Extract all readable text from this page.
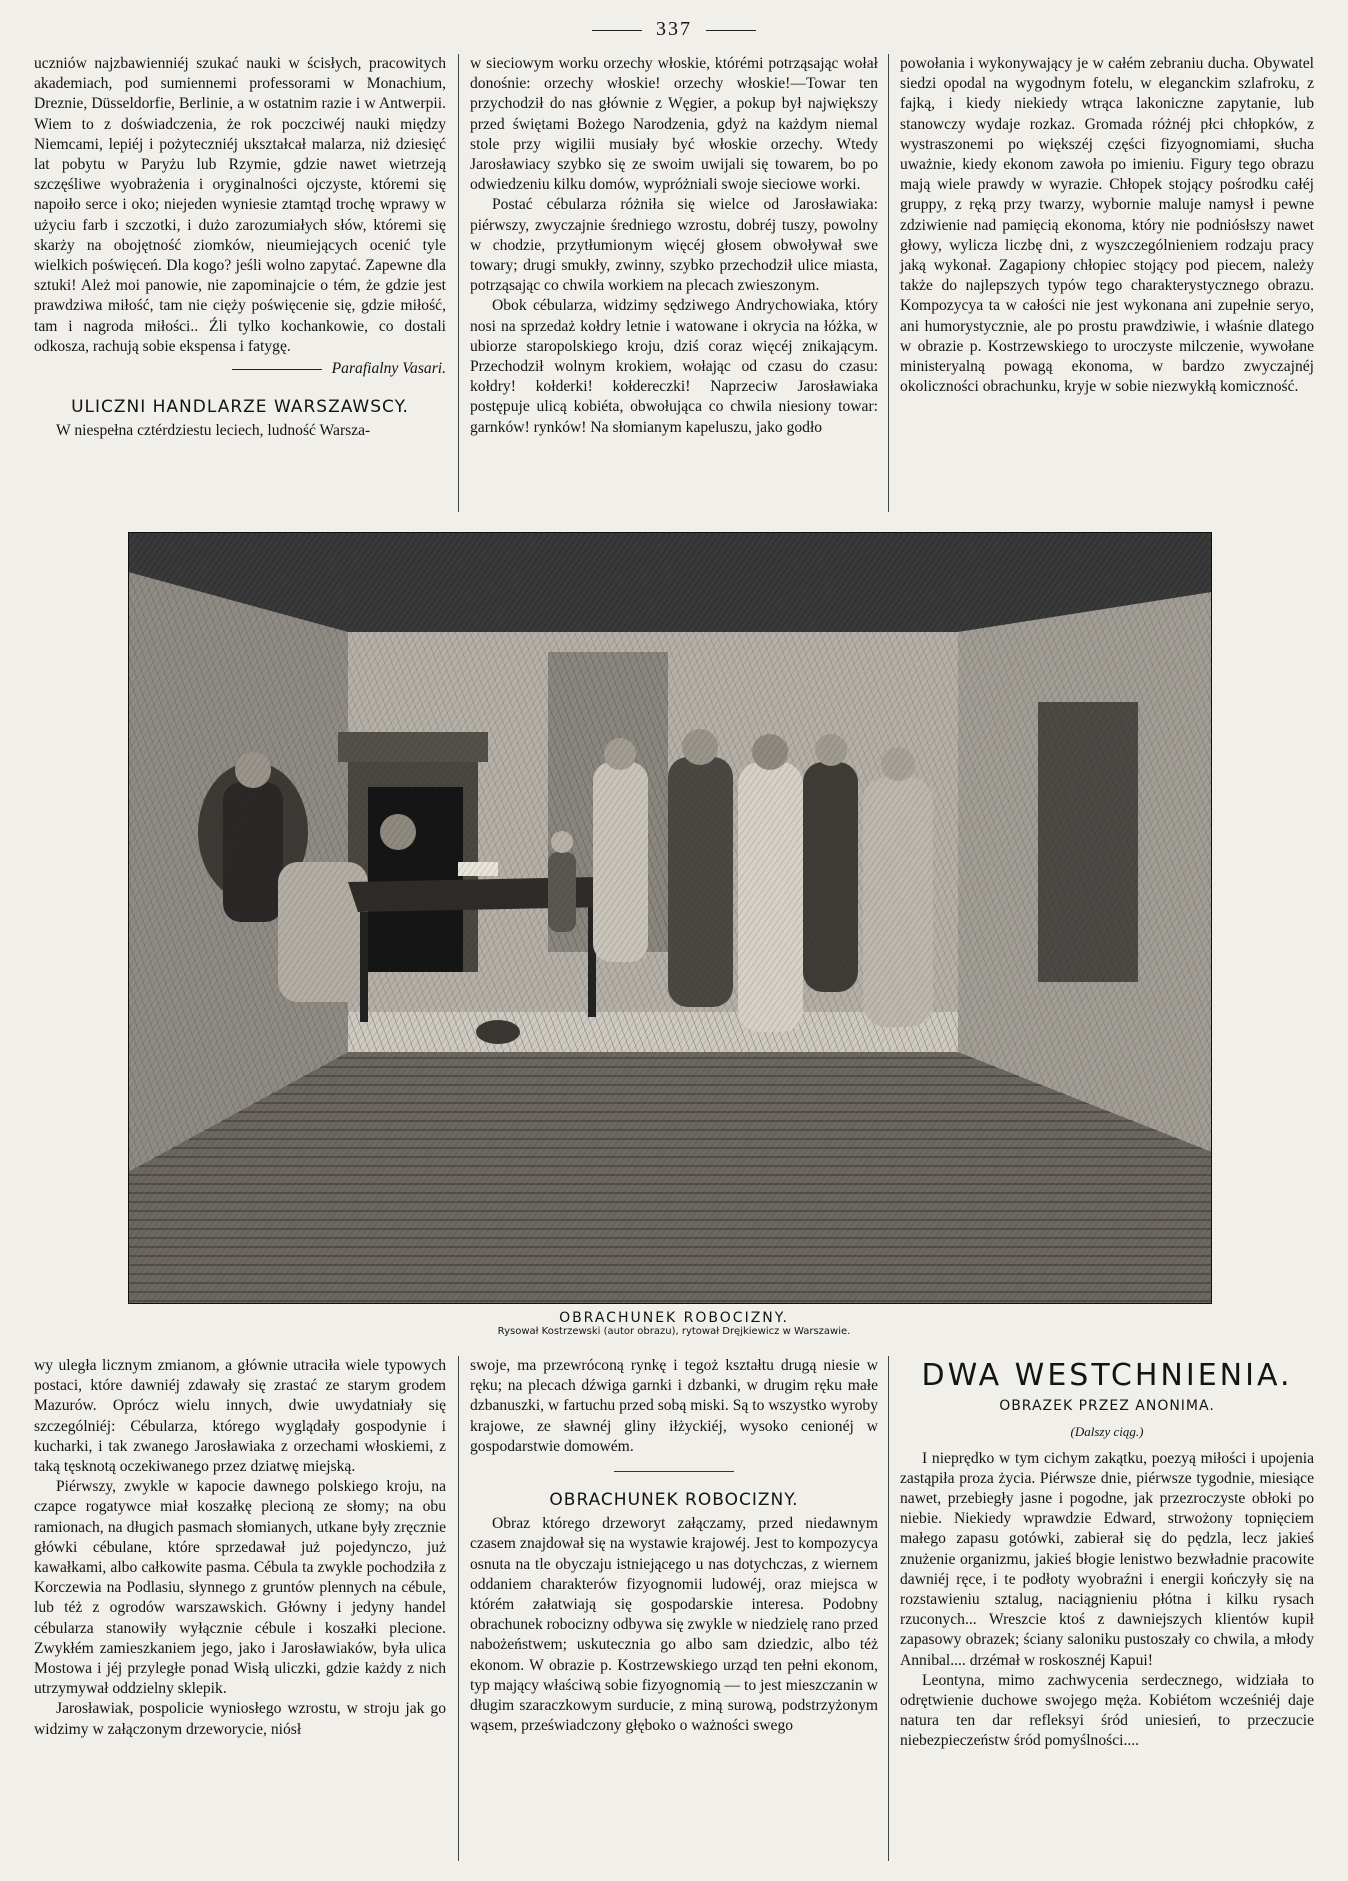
337

uczniów najzbawienniéj szukać nauki w ścisłych, pracowitych akademiach, pod sumiennemi professorami w Monachium, Dreznie, Düsseldorfie, Berlinie, a w ostatnim razie i w Antwerpii. Wiem to z doświadczenia, że rok poczciwéj nauki między Niemcami, lepiéj i pożyteczniéj ukształcał malarza, niż dziesięć lat pobytu w Paryżu lub Rzymie, gdzie nawet wietrzeją szczęśliwe wyobrażenia i oryginalności ojczyste, któremi się napoiło serce i oko; niejeden wyniesie ztamtąd trochę wprawy w użyciu farb i szczotki, i dużo zarozumiałych słów, któremi się skarży na obojętność ziomków, nieumiejących ocenić tyle wielkich poświęceń. Dla kogo? jeśli wolno zapytać. Zapewne dla sztuki! Ależ moi panowie, nie zapominajcie o tém, że gdzie jest prawdziwa miłość, tam nie cięży poświęcenie się, gdzie miłość, tam i nagroda miłości.. Źli tylko kochankowie, co dostali odkosza, rachują sobie ekspensa i fatygę.

Parafialny Vasari.
ULICZNI HANDLARZE WARSZAWSCY.

W niespełna cztérdziestu leciech, ludność Warsza-

w sieciowym worku orzechy włoskie, którémi potrząsając wołał donośnie: orzechy włoskie! orzechy włoskie!—Towar ten przychodził do nas głównie z Węgier, a pokup był największy przed świętami Bożego Narodzenia, gdyż na każdym niemal stole przy wigilii musiały być włoskie orzechy. Wtedy Jarosławiacy szybko się ze swoim uwijali się towarem, bo po odwiedzeniu kilku domów, wypróżniali swoje sieciowe worki.

Postać cébularza różniła się wielce od Jarosławiaka: piérwszy, zwyczajnie średniego wzrostu, dobréj tuszy, powolny w chodzie, przytłumionym więcéj głosem obwoływał swe towary; drugi smukły, zwinny, szybko przechodził ulice miasta, potrząsając co chwila workiem na plecach zwieszonym.

Obok cébularza, widzimy sędziwego Andrychowiaka, który nosi na sprzedaż kołdry letnie i watowane i okrycia na łóżka, w ubiorze staropolskiego kroju, dziś coraz więcéj znikającym. Przechodził wolnym krokiem, wołając od czasu do czasu: kołdry! kołderki! kołdereczki! Naprzeciw Jarosławiaka postępuje ulicą kobiéta, obwołująca co chwila niesiony towar: garnków! rynków! Na słomianym kapeluszu, jako godło

powołania i wykonywający je w całém zebraniu ducha. Obywatel siedzi opodal na wygodnym fotelu, w eleganckim szlafroku, z fajką, i kiedy niekiedy wtrąca lakoniczne zapytanie, lub stanowczy wydaje rozkaz. Gromada różnéj płci chłopków, z wystraszonemi po większéj części fizyognomiami, słucha uważnie, kiedy ekonom zawoła po imieniu. Figury tego obrazu mają wiele prawdy w wyrazie. Chłopek stojący pośrodku całéj gruppy, z ręką przy twarzy, wybornie maluje namysł i pewne zdziwienie nad pamięcią ekonoma, który nie podniósłszy nawet głowy, wylicza liczbę dni, z wyszczególnieniem rodzaju pracy jaką wykonał. Zagapiony chłopiec stojący pod piecem, należy także do najlepszych typów tego charakterystycznego obrazu. Kompozycya ta w całości nie jest wykonana ani zupełnie seryo, ani humorystycznie, ale po prostu prawdziwie, i właśnie dlatego w obrazie p. Kostrzewskiego to uroczyste milczenie, wywołane ministeryalną powagą ekonoma, w bardzo zwyczajnéj okoliczności obrachunku, kryje w sobie niezwykłą komiczność.

OBRACHUNEK ROBOCIZNY.
Rysował Kostrzewski (autor obrazu), rytował Dręjkiewicz w Warszawie.

wy uległa licznym zmianom, a głównie utraciła wiele typowych postaci, które dawniéj zdawały się zrastać ze starym grodem Mazurów. Oprócz wielu innych, dwie uwydatniały się szczególniéj: Cébularza, którego wyglądały gospodynie i kucharki, i tak zwanego Jarosławiaka z orzechami włoskiemi, z taką tęsknotą oczekiwanego przez dziatwę miejską.

Piérwszy, zwykle w kapocie dawnego polskiego kroju, na czapce rogatywce miał koszałkę plecioną ze słomy; na obu ramionach, na długich pasmach słomianych, utkane były zręcznie główki cébulane, które sprzedawał już pojedynczo, już kawałkami, albo całkowite pasma. Cébula ta zwykle pochodziła z Korczewia na Podlasiu, słynnego z gruntów plennych na cébule, lub téż z ogrodów warszawskich. Główny i jedyny handel cébularza stanowiły wyłącznie cébule i koszałki plecione. Zwykłém zamieszkaniem jego, jako i Jarosławiaków, była ulica Mostowa i jéj przyległe ponad Wisłą uliczki, gdzie każdy z nich utrzymywał oddzielny sklepik.

Jarosławiak, pospolicie wyniosłego wzrostu, w stroju jak go widzimy w załączonym drzeworycie, niósł

swoje, ma przewróconą rynkę i tegoż kształtu drugą niesie w ręku; na plecach dźwiga garnki i dzbanki, w drugim ręku małe dzbanuszki, w fartuchu przed sobą miski. Są to wszystko wyroby krajowe, ze sławnéj gliny iłżyckiéj, wysoko cenionéj w gospodarstwie domowém.

OBRACHUNEK ROBOCIZNY.

Obraz którego drzeworyt załączamy, przed niedawnym czasem znajdował się na wystawie krajowéj. Jest to kompozycya osnuta na tle obyczaju istniejącego u nas dotychczas, z wiernem oddaniem charakterów fizyognomii ludowéj, oraz miejsca w którém załatwiają się gospodarskie interesa. Podobny obrachunek robocizny odbywa się zwykle w niedzielę rano przed nabożeństwem; uskutecznia go albo sam dziedzic, albo téż ekonom. W obrazie p. Kostrzewskiego urząd ten pełni ekonom, typ mający właściwą sobie fizyognomią — to jest mieszczanin w długim szaraczkowym surducie, z miną surową, podstrzyżonym wąsem, przeświadczony głęboko o ważności swego

DWA WESTCHNIENIA.
OBRAZEK PRZEZ ANONIMA.
(Dalszy ciąg.)

I nieprędko w tym cichym zakątku, poezyą miłości i upojenia zastąpiła proza życia. Piérwsze dnie, piérwsze tygodnie, miesiące nawet, przebiegły jasne i pogodne, jak przezroczyste obłoki po niebie. Niekiedy wprawdzie Edward, strwożony topnięciem małego zapasu gotówki, zabierał się do pędzla, lecz jakieś znużenie organizmu, jakieś błogie lenistwo bezwładnie pracowite dawniéj ręce, i te podłoty wyobraźni i energii kończyły się na rozstawieniu sztalug, naciągnieniu płótna i kilku rysach rzuconych... Wreszcie ktoś z dawniejszych klientów kupił zapasowy obrazek; ściany saloniku pustoszały co chwila, a młody Annibal.... drzémał w roskosznéj Kapui!

Leontyna, mimo zachwycenia serdecznego, widziała to odrętwienie duchowe swojego męża. Kobiétom wcześniéj daje natura ten dar refleksyi śród uniesień, to przeczucie niebezpieczeństw śród pomyślności....
